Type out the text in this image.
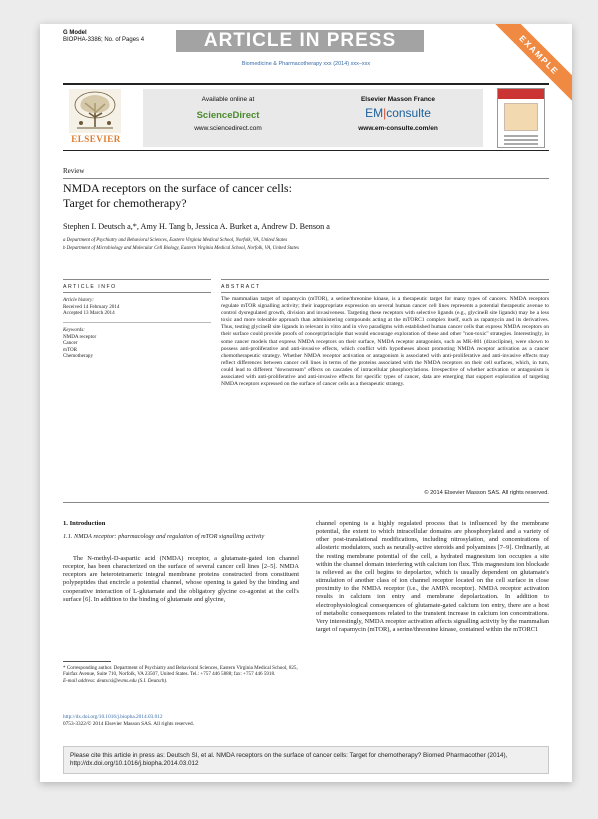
G Model
BIOPHA-3386; No. of Pages 4	ARTICLE IN PRESS
Biomedicine & Pharmacotherapy xxx (2014) xxx–xxx	EXAMPLE
ELSEVIER
Available online at
ScienceDirect
www.sciencedirect.com
Elsevier Masson France
EM|consulte
www.em-consulte.com/en
Review
NMDA receptors on the surface of cancer cells:
Target for chemotherapy?
Stephen I. Deutsch a,*, Amy H. Tang b, Jessica A. Burket a, Andrew D. Benson a
a Department of Psychiatry and Behavioral Sciences, Eastern Virginia Medical School, Norfolk, VA, United States
b Department of Microbiology and Molecular Cell Biology, Eastern Virginia Medical School, Norfolk, VA, United States
ARTICLE INFO	ABSTRACT
Article history:
Received 14 February 2014
Accepted 13 March 2014
Keywords:
NMDA receptor
Cancer
mTOR
Chemotherapy
The mammalian target of rapamycin (mTOR), a serine/threonine kinase, is a therapeutic target for many types of cancers. NMDA receptors regulate mTOR signalling activity; their inappropriate expression on several human cancer cell lines represents a potential therapeutic avenue to control dysregulated growth, division and invasiveness. Targeting these receptors with selective ligands (e.g., glycineB site ligands) may be a less toxic and more tolerable approach than administering compounds acting at the mTORC1 complex itself, such as rapamycin and its derivatives. Thus, testing glycineB site ligands in relevant in vitro and in vivo paradigms with established human cancer cells that express NMDA receptors on their surface could provide proofs of concept/principle that would encourage exploration of these and other "non-toxic" strategies. Interestingly, in some cancer models that express NMDA receptors on their surface, NMDA receptor antagonists, such as MK-801 (dizocilpine), were shown to possess anti-proliferative and anti-invasive effects, which conflict with hypotheses about promoting NMDA receptor activation as a cancer chemotherapeutic strategy. Whether NMDA receptor activation or antagonism is associated with anti-proliferative and anti-invasive effects may reflect differences between cancer cell lines in terms of the proteins associated with the NMDA receptors on their cell surfaces, which, in turn, could lead to different "downstream" effects on cascades of intracellular phosphorylations. Irrespective of whether activation or antagonism is associated with anti-proliferative and anti-invasive effects for specific types of cancer, data are emerging that support exploration of targeting NMDA receptors expressed on the surface of cancer cells as a therapeutic strategy.
© 2014 Elsevier Masson SAS. All rights reserved.
1. Introduction
1.1. NMDA receptor: pharmacology and regulation of mTOR signalling activity
The N-methyl-D-aspartic acid (NMDA) receptor, a glutamate-gated ion channel receptor, has been characterized on the surface of several cancer cell lines [2–5]. NMDA receptors are heterotetrameric integral membrane proteins constructed from constituent polypeptides that encircle a potential channel, whose opening is gated by the binding and cooperative interaction of L-glutamate and the obligatory glycine co-agonist at the cell's surface [6]. In addition to the binding of glutamate and glycine,
channel opening is a highly regulated process that is influenced by the membrane potential, the extent to which intracellular domains are phosphorylated and a variety of other post-translational modifications, including nitrosylation, and concentrations of allosteric modulators, such as neurally-active steroids and polyamines [7–9]. Ordinarily, at the resting membrane potential of the cell, a hydrated magnesium ion occupies a site within the channel domain interfering with calcium ion flux. This magnesium ion blockade is relieved as the cell begins to depolarize, which is usually dependent on glutamate's stimulation of another class of ion channel receptor located on the cell surface in close proximity to the NMDA receptor (i.e., the AMPA receptor). NMDA receptor activation results in calcium ion entry and membrane depolarization. In addition to electrophysiological consequences of glutamate-gated calcium ion entry, there are a host of metabolic consequences related to the transient increase in calcium ion concentrations. Very interestingly, NMDA receptor activation affects signalling activity by the mammalian target of rapamycin (mTOR), a serine/threonine kinase, contained within the mTORC1
* Corresponding author. Department of Psychiatry and Behavioral Sciences, Eastern Virginia Medical School, 825, Fairfax Avenue, Suite 710, Norfolk, VA 23507, United States. Tel.: +757 446 5888; fax: +757 446 5918.
E-mail address: deutscsi@evms.edu (S.I. Deutsch).
http://dx.doi.org/10.1016/j.biopha.2014.03.012
0753-3322/© 2014 Elsevier Masson SAS. All rights reserved.
Please cite this article in press as: Deutsch SI, et al. NMDA receptors on the surface of cancer cells: Target for chemotherapy? Biomed Pharmacother (2014), http://dx.doi.org/10.1016/j.biopha.2014.03.012
